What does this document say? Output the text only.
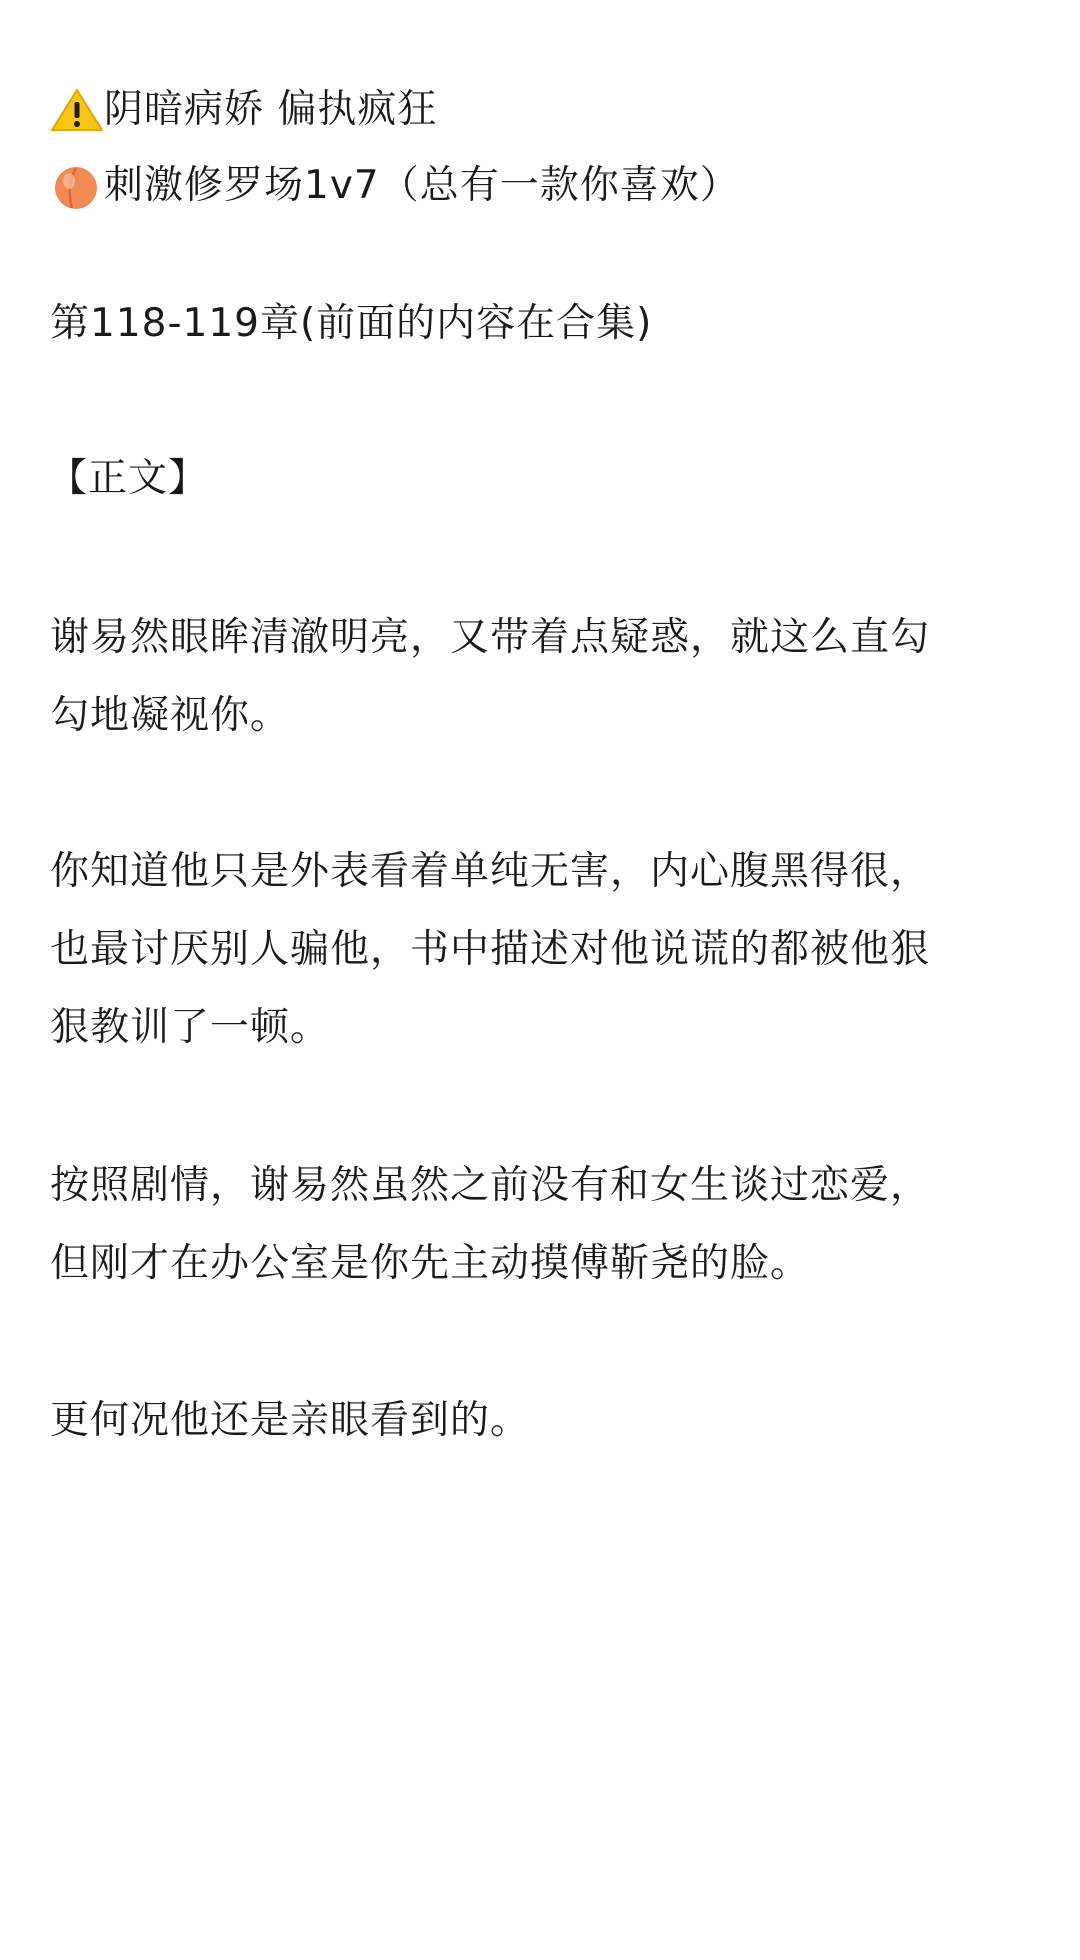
阴暗病娇 偏执疯狂
刺激修罗场1v7（总有一款你喜欢）
第118-119章(前面的内容在合集)
【正文】
谢易然眼眸清澈明亮，又带着点疑惑，就这么直勾
勾地凝视你。
你知道他只是外表看着单纯无害，内心腹黑得很，
也最讨厌别人骗他，书中描述对他说谎的都被他狠
狠教训了一顿。
按照剧情，谢易然虽然之前没有和女生谈过恋爱，
但刚才在办公室是你先主动摸傅靳尧的脸。
更何况他还是亲眼看到的。
